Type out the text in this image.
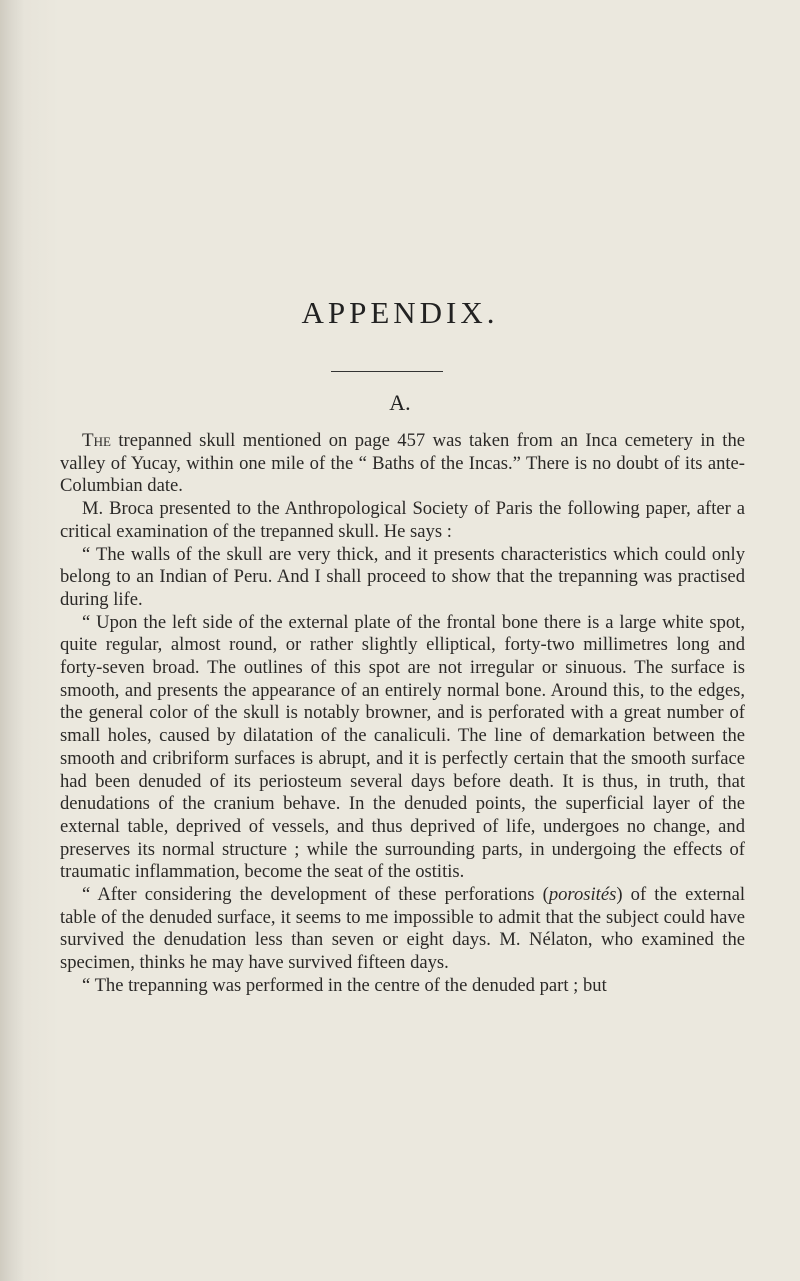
APPENDIX.
A.

The trepanned skull mentioned on page 457 was taken from an Inca cemetery in the valley of Yucay, within one mile of the “ Baths of the Incas.” There is no doubt of its ante-Columbian date.

M. Broca presented to the Anthropological Society of Paris the following paper, after a critical examination of the trepanned skull. He says :

“ The walls of the skull are very thick, and it presents characteristics which could only belong to an Indian of Peru. And I shall proceed to show that the trepanning was practised during life.

“ Upon the left side of the external plate of the frontal bone there is a large white spot, quite regular, almost round, or rather slightly elliptical, forty-two millimetres long and forty-seven broad. The outlines of this spot are not irregular or sinuous. The surface is smooth, and presents the appearance of an entirely normal bone. Around this, to the edges, the general color of the skull is notably browner, and is perforated with a great number of small holes, caused by dilatation of the canaliculi. The line of demarkation between the smooth and cribriform surfaces is abrupt, and it is perfectly certain that the smooth surface had been denuded of its periosteum several days before death. It is thus, in truth, that denudations of the cranium behave. In the denuded points, the superficial layer of the external table, deprived of vessels, and thus deprived of life, undergoes no change, and preserves its normal structure ; while the surrounding parts, in undergoing the effects of traumatic inflammation, become the seat of the ostitis.

“ After considering the development of these perforations (porosités) of the external table of the denuded surface, it seems to me impossible to admit that the subject could have survived the denudation less than seven or eight days. M. Nélaton, who examined the specimen, thinks he may have survived fifteen days.

“ The trepanning was performed in the centre of the denuded part ; but
